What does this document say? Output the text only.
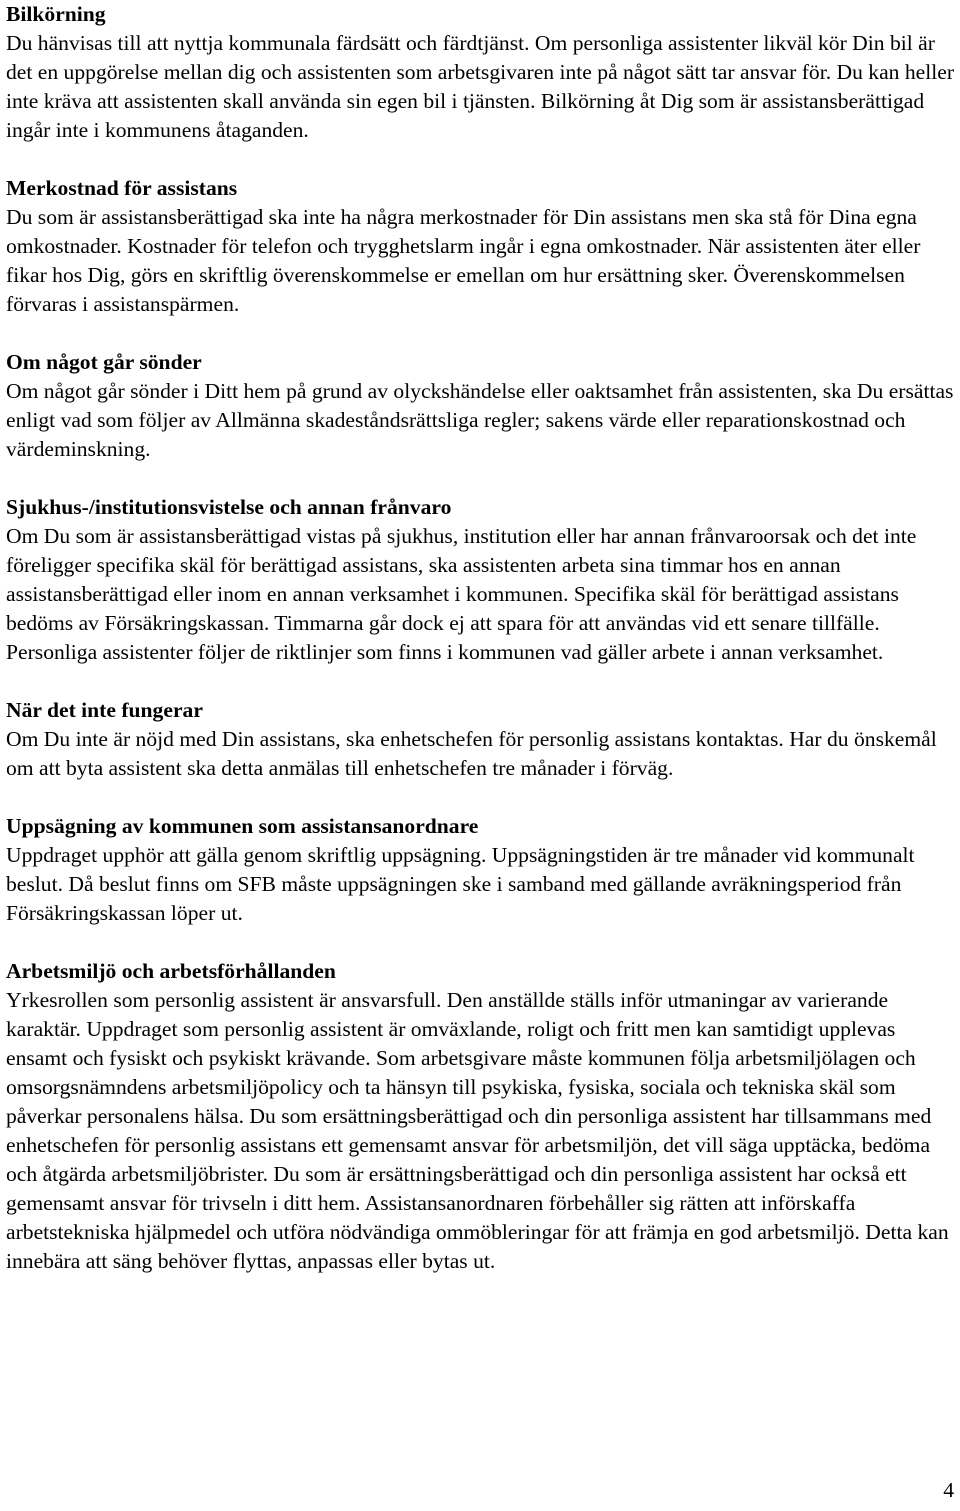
Bilkörning

Du hänvisas till att nyttja kommunala färdsätt och färdtjänst. Om personliga assistenter likväl kör Din bil är det en uppgörelse mellan dig och assistenten som arbetsgivaren inte på något sätt tar ansvar för. Du kan heller inte kräva att assistenten skall använda sin egen bil i tjänsten. Bilkörning åt Dig som är assistansberättigad ingår inte i kommunens åtaganden.

Merkostnad för assistans

Du som är assistansberättigad ska inte ha några merkostnader för Din assistans men ska stå för Dina egna omkostnader. Kostnader för telefon och trygghetslarm ingår i egna omkostnader. När assistenten äter eller fikar hos Dig, görs en skriftlig överenskommelse er emellan om hur ersättning sker. Överenskommelsen förvaras i assistanspärmen.

Om något går sönder

Om något går sönder i Ditt hem på grund av olyckshändelse eller oaktsamhet från assistenten, ska Du ersättas enligt vad som följer av Allmänna skadeståndsrättsliga regler; sakens värde eller reparationskostnad och värdeminskning.

Sjukhus-/institutionsvistelse och annan frånvaro

Om Du som är assistansberättigad vistas på sjukhus, institution eller har annan frånvaroorsak och det inte föreligger specifika skäl för berättigad assistans, ska assistenten arbeta sina timmar hos en annan assistansberättigad eller inom en annan verksamhet i kommunen. Specifika skäl för berättigad assistans bedöms av Försäkringskassan. Timmarna går dock ej att spara för att användas vid ett senare tillfälle. Personliga assistenter följer de riktlinjer som finns i kommunen vad gäller arbete i annan verksamhet.

När det inte fungerar

Om Du inte är nöjd med Din assistans, ska enhetschefen för personlig assistans kontaktas. Har du önskemål om att byta assistent ska detta anmälas till enhetschefen tre månader i förväg.

Uppsägning av kommunen som assistansanordnare

Uppdraget upphör att gälla genom skriftlig uppsägning. Uppsägningstiden är tre månader vid kommunalt beslut. Då beslut finns om SFB måste uppsägningen ske i samband med gällande avräkningsperiod från Försäkringskassan löper ut.

Arbetsmiljö och arbetsförhållanden

Yrkesrollen som personlig assistent är ansvarsfull. Den anställde ställs inför utmaningar av varierande karaktär. Uppdraget som personlig assistent är omväxlande, roligt och fritt men kan samtidigt upplevas ensamt och fysiskt och psykiskt krävande. Som arbetsgivare måste kommunen följa arbetsmiljölagen och omsorgsnämndens arbetsmiljöpolicy och ta hänsyn till psykiska, fysiska, sociala och tekniska skäl som påverkar personalens hälsa. Du som ersättningsberättigad och din personliga assistent har tillsammans med enhetschefen för personlig assistans ett gemensamt ansvar för arbetsmiljön, det vill säga upptäcka, bedöma och åtgärda arbetsmiljöbrister. Du som är ersättningsberättigad och din personliga assistent har också ett gemensamt ansvar för trivseln i ditt hem. Assistansanordnaren förbehåller sig rätten att införskaffa arbetstekniska hjälpmedel och utföra nödvändiga ommöbleringar för att främja en god arbetsmiljö. Detta kan innebära att säng behöver flyttas, anpassas eller bytas ut.

4
